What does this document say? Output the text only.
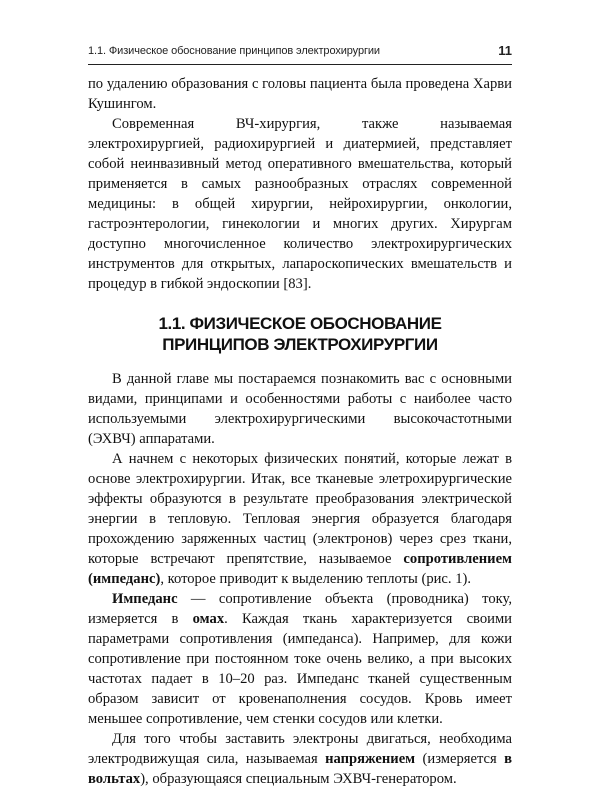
1.1. Физическое обоснование принципов электрохирургии	11

по удалению образования с головы пациента была проведена Харви Кушингом.

Современная ВЧ-хирургия, также называемая электрохирургией, радиохирургией и диатермией, представляет собой неинвазивный метод оперативного вмешательства, который применяется в самых разнообразных отраслях современной медицины: в общей хирургии, нейрохирургии, онкологии, гастроэнтерологии, гинекологии и многих других. Хирургам доступно многочисленное количество электрохирургических инструментов для открытых, лапароскопических вмешательств и процедур в гибкой эндоскопии [83].

1.1. ФИЗИЧЕСКОЕ ОБОСНОВАНИЕ
ПРИНЦИПОВ ЭЛЕКТРОХИРУРГИИ

В данной главе мы постараемся познакомить вас с основными видами, принципами и особенностями работы с наиболее часто используемыми электрохирургическими высокочастотными (ЭХВЧ) аппаратами.

А начнем с некоторых физических понятий, которые лежат в основе электрохирургии. Итак, все тканевые элетрохирургические эффекты образуются в результате преобразования электрической энергии в тепловую. Тепловая энергия образуется благодаря прохождению заряженных частиц (электронов) через срез ткани, которые встречают препятствие, называемое сопротивлением (импеданс), которое приводит к выделению теплоты (рис. 1).

Импеданс — сопротивление объекта (проводника) току, измеряется в омах. Каждая ткань характеризуется своими параметрами сопротивления (импеданса). Например, для кожи сопротивление при постоянном токе очень велико, а при высоких частотах падает в 10–20 раз. Импеданс тканей существенным образом зависит от кровенаполнения сосудов. Кровь имеет меньшее сопротивление, чем стенки сосудов или клетки.

Для того чтобы заставить электроны двигаться, необходима электродвижущая сила, называемая напряжением (измеряется в вольтах), образующаяся специальным ЭХВЧ-генератором.
